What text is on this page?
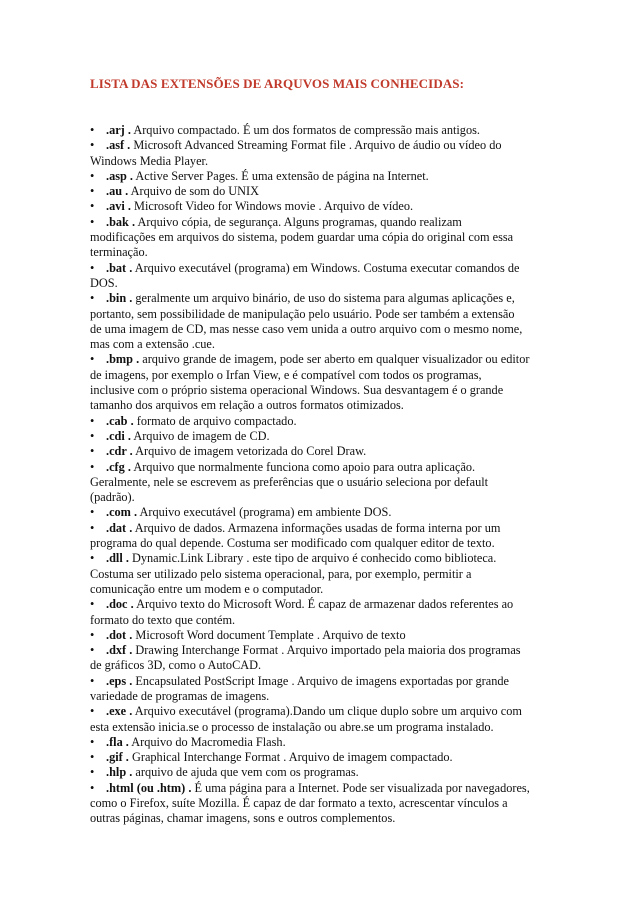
LISTA DAS EXTENSÕES DE ARQUVOS MAIS CONHECIDAS:

• .arj . Arquivo compactado. É um dos formatos de compressão mais antigos.

• .asf . Microsoft Advanced Streaming Format file . Arquivo de áudio ou vídeo do
Windows Media Player.

• .asp . Active Server Pages. É uma extensão de página na Internet.

• .au . Arquivo de som do UNIX

• .avi . Microsoft Video for Windows movie . Arquivo de vídeo.

• .bak . Arquivo cópia, de segurança. Alguns programas, quando realizam
modificações em arquivos do sistema, podem guardar uma cópia do original com essa
terminação.

• .bat . Arquivo executável (programa) em Windows. Costuma executar comandos de
DOS.

• .bin . geralmente um arquivo binário, de uso do sistema para algumas aplicações e,
portanto, sem possibilidade de manipulação pelo usuário. Pode ser também a extensão
de uma imagem de CD, mas nesse caso vem unida a outro arquivo com o mesmo nome,
mas com a extensão .cue.

• .bmp . arquivo grande de imagem, pode ser aberto em qualquer visualizador ou editor
de imagens, por exemplo o Irfan View, e é compatível com todos os programas,
inclusive com o próprio sistema operacional Windows. Sua desvantagem é o grande
tamanho dos arquivos em relação a outros formatos otimizados.

• .cab . formato de arquivo compactado.

• .cdi . Arquivo de imagem de CD.

• .cdr . Arquivo de imagem vetorizada do Corel Draw.

• .cfg . Arquivo que normalmente funciona como apoio para outra aplicação.
Geralmente, nele se escrevem as preferências que o usuário seleciona por default
(padrão).

• .com . Arquivo executável (programa) em ambiente DOS.

• .dat . Arquivo de dados. Armazena informações usadas de forma interna por um
programa do qual depende. Costuma ser modificado com qualquer editor de texto.

• .dll . Dynamic.Link Library . este tipo de arquivo é conhecido como biblioteca.
Costuma ser utilizado pelo sistema operacional, para, por exemplo, permitir a
comunicação entre um modem e o computador.

• .doc . Arquivo texto do Microsoft Word. É capaz de armazenar dados referentes ao
formato do texto que contém.

• .dot . Microsoft Word document Template . Arquivo de texto

• .dxf . Drawing Interchange Format . Arquivo importado pela maioria dos programas
de gráficos 3D, como o AutoCAD.

• .eps . Encapsulated PostScript Image . Arquivo de imagens exportadas por grande
variedade de programas de imagens.

• .exe . Arquivo executável (programa).Dando um clique duplo sobre um arquivo com
esta extensão inicia.se o processo de instalação ou abre.se um programa instalado.

• .fla . Arquivo do Macromedia Flash.

• .gif . Graphical Interchange Format . Arquivo de imagem compactado.

• .hlp . arquivo de ajuda que vem com os programas.

• .html (ou .htm) . É uma página para a Internet. Pode ser visualizada por navegadores,
como o Firefox, suíte Mozilla. É capaz de dar formato a texto, acrescentar vínculos a
outras páginas, chamar imagens, sons e outros complementos.
